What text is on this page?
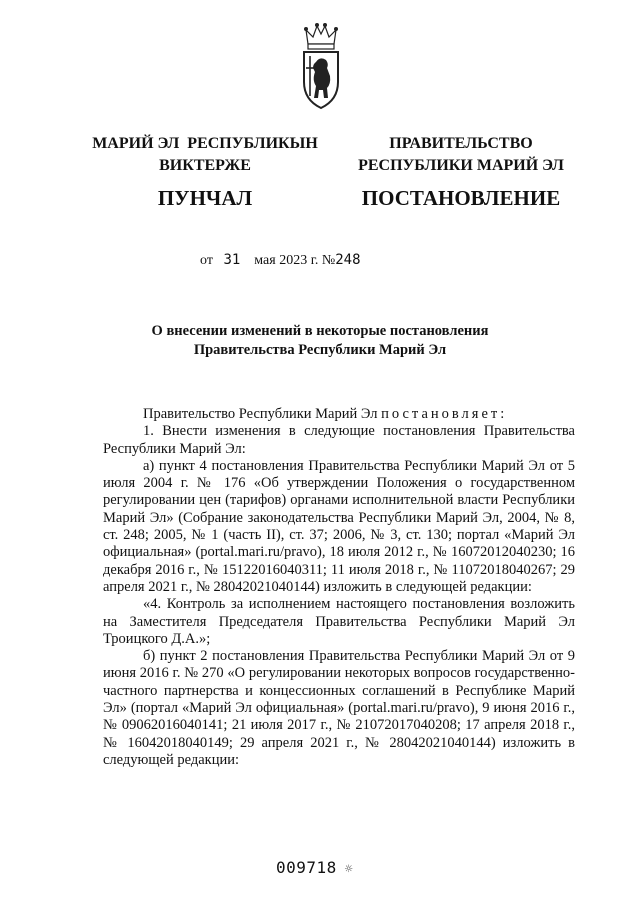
МАРИЙ ЭЛ  РЕСПУБЛИКЫН
ВИКТЕРЖЕ
ПУНЧАЛ
ПРАВИТЕЛЬСТВО
РЕСПУБЛИКИ МАРИЙ ЭЛ
ПОСТАНОВЛЕНИЕ
от 31 мая 2023 г. №248
О внесении изменений в некоторые постановления
Правительства Республики Марий Эл

Правительство Республики Марий Эл постановляет:

1. Внести изменения в следующие постановления Правительства Республики Марий Эл:

а) пункт 4 постановления Правительства Республики Марий Эл от 5 июля 2004 г. № 176 «Об утверждении Положения о государственном регулировании цен (тарифов) органами исполнительной власти Республики Марий Эл» (Собрание законодательства Республики Марий Эл, 2004, № 8, ст. 248; 2005, № 1 (часть II), ст. 37; 2006, № 3, ст. 130; портал «Марий Эл официальная» (portal.mari.ru/pravo), 18 июля 2012 г., № 16072012040230; 16 декабря 2016 г., № 15122016040311; 11 июля 2018 г., № 11072018040267; 29 апреля 2021 г., № 28042021040144) изложить в следующей редакции:

«4. Контроль за исполнением настоящего постановления возложить на Заместителя Председателя Правительства Республики Марий Эл Троицкого Д.А.»;

б) пункт 2 постановления Правительства Республики Марий Эл от 9 июня 2016 г. № 270 «О регулировании некоторых вопросов государственно-частного партнерства и концессионных соглашений в Республике Марий Эл» (портал «Марий Эл официальная» (portal.mari.ru/pravo), 9 июня 2016 г., № 09062016040141; 21 июля 2017 г., № 21072017040208; 17 апреля 2018 г., № 16042018040149; 29 апреля 2021 г., № 28042021040144) изложить в следующей редакции:

009718 ☼
